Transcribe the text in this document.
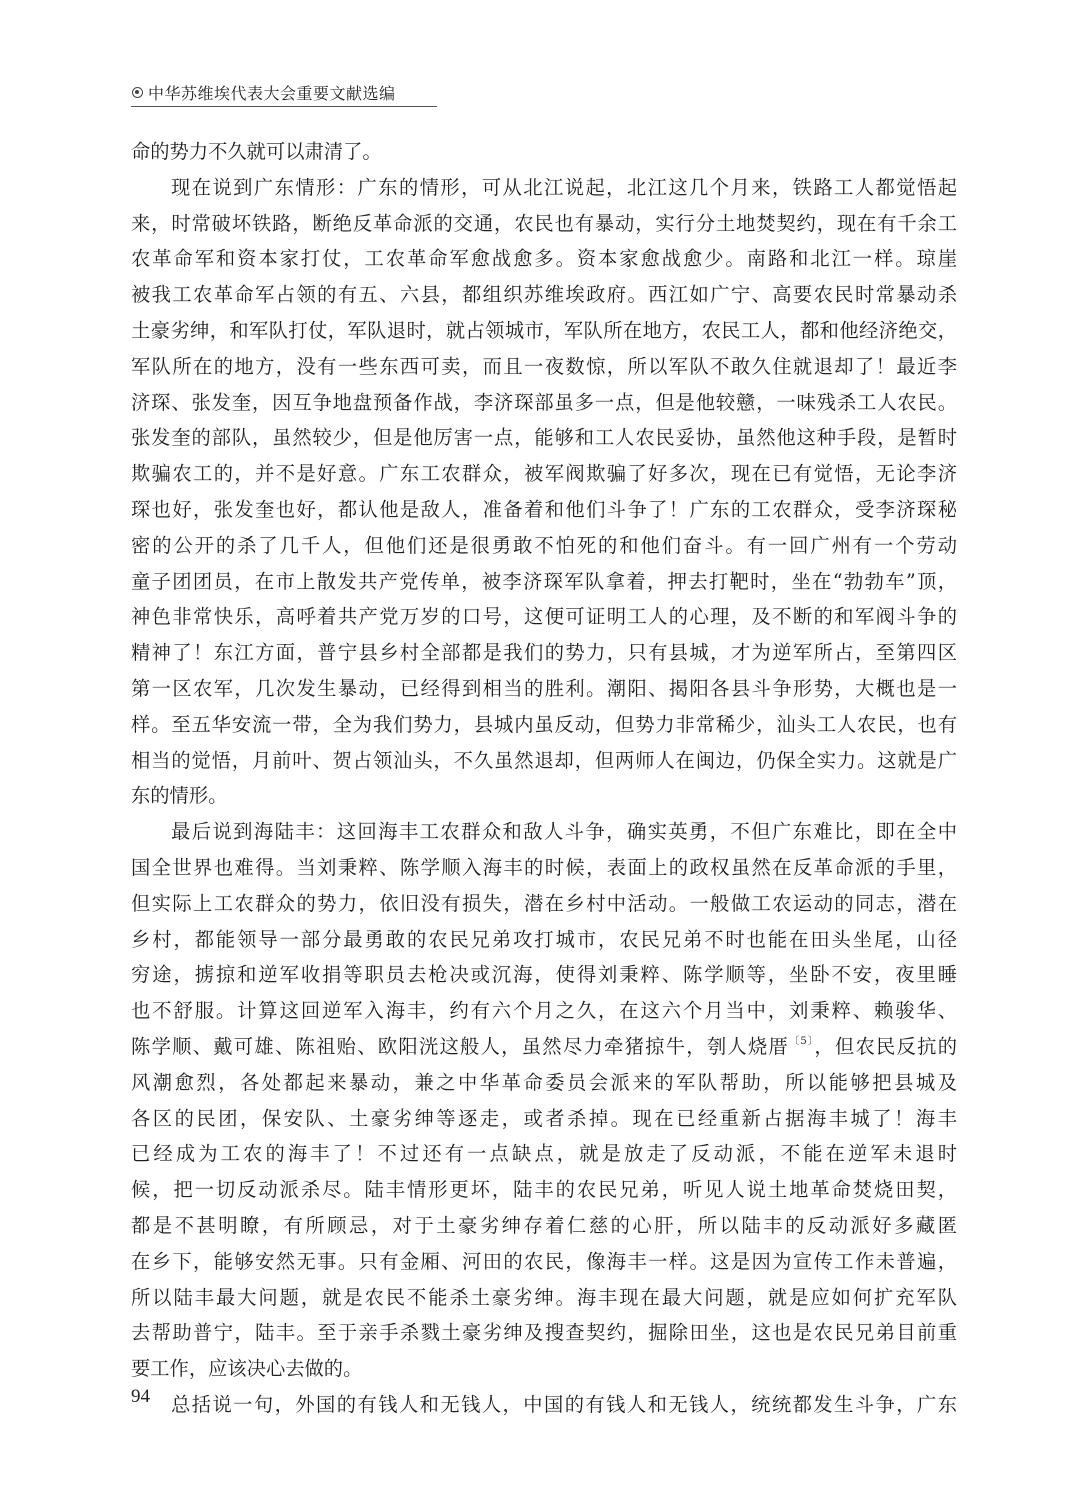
中华苏维埃代表大会重要文献选编
命的势力不久就可以肃清了。
现在说到广东情形：广东的情形，可从北江说起，北江这几个月来，铁路工人都觉悟起
来，时常破坏铁路，断绝反革命派的交通，农民也有暴动，实行分土地焚契约，现在有千余工
农革命军和资本家打仗，工农革命军愈战愈多。资本家愈战愈少。南路和北江一样。琼崖
被我工农革命军占领的有五、六县，都组织苏维埃政府。西江如广宁、高要农民时常暴动杀
土豪劣绅，和军队打仗，军队退时，就占领城市，军队所在地方，农民工人，都和他经济绝交，
军队所在的地方，没有一些东西可卖，而且一夜数惊，所以军队不敢久住就退却了！最近李
济琛、张发奎，因互争地盘预备作战，李济琛部虽多一点，但是他较戆，一味残杀工人农民。
张发奎的部队，虽然较少，但是他厉害一点，能够和工人农民妥协，虽然他这种手段，是暂时
欺骗农工的，并不是好意。广东工农群众，被军阀欺骗了好多次，现在已有觉悟，无论李济
琛也好，张发奎也好，都认他是敌人，准备着和他们斗争了！广东的工农群众，受李济琛秘
密的公开的杀了几千人，但他们还是很勇敢不怕死的和他们奋斗。有一回广州有一个劳动
童子团团员，在市上散发共产党传单，被李济琛军队拿着，押去打靶时，坐在“勃勃车”顶，
神色非常快乐，高呼着共产党万岁的口号，这便可证明工人的心理，及不断的和军阀斗争的
精神了！东江方面，普宁县乡村全部都是我们的势力，只有县城，才为逆军所占，至第四区
第一区农军，几次发生暴动，已经得到相当的胜利。潮阳、揭阳各县斗争形势，大概也是一
样。至五华安流一带，全为我们势力，县城内虽反动，但势力非常稀少，汕头工人农民，也有
相当的觉悟，月前叶、贺占领汕头，不久虽然退却，但两师人在闽边，仍保全实力。这就是广
东的情形。
最后说到海陆丰：这回海丰工农群众和敌人斗争，确实英勇，不但广东难比，即在全中
国全世界也难得。当刘秉粹、陈学顺入海丰的时候，表面上的政权虽然在反革命派的手里，
但实际上工农群众的势力，依旧没有损失，潜在乡村中活动。一般做工农运动的同志，潜在
乡村，都能领导一部分最勇敢的农民兄弟攻打城市，农民兄弟不时也能在田头坐尾，山径
穷途，掳掠和逆军收捐等职员去枪决或沉海，使得刘秉粹、陈学顺等，坐卧不安，夜里睡
也不舒服。计算这回逆军入海丰，约有六个月之久，在这六个月当中，刘秉粹、赖骏华、
陈学顺、戴可雄、陈祖贻、欧阳洸这般人，虽然尽力牵猪掠牛，刳人烧厝$^{〔5〕}$，但农民反抗的
风潮愈烈，各处都起来暴动，兼之中华革命委员会派来的军队帮助，所以能够把县城及
各区的民团，保安队、土豪劣绅等逐走，或者杀掉。现在已经重新占据海丰城了！海丰
已经成为工农的海丰了！不过还有一点缺点，就是放走了反动派，不能在逆军未退时
候，把一切反动派杀尽。陆丰情形更坏，陆丰的农民兄弟，听见人说土地革命焚烧田契，
都是不甚明瞭，有所顾忌，对于土豪劣绅存着仁慈的心肝，所以陆丰的反动派好多藏匿
在乡下，能够安然无事。只有金厢、河田的农民，像海丰一样。这是因为宣传工作未普遍，
所以陆丰最大问题，就是农民不能杀土豪劣绅。海丰现在最大问题，就是应如何扩充军队
去帮助普宁，陆丰。至于亲手杀戮土豪劣绅及搜查契约，掘除田坐，这也是农民兄弟目前重
要工作，应该决心去做的。
总括说一句，外国的有钱人和无钱人，中国的有钱人和无钱人，统统都发生斗争，广东
94
